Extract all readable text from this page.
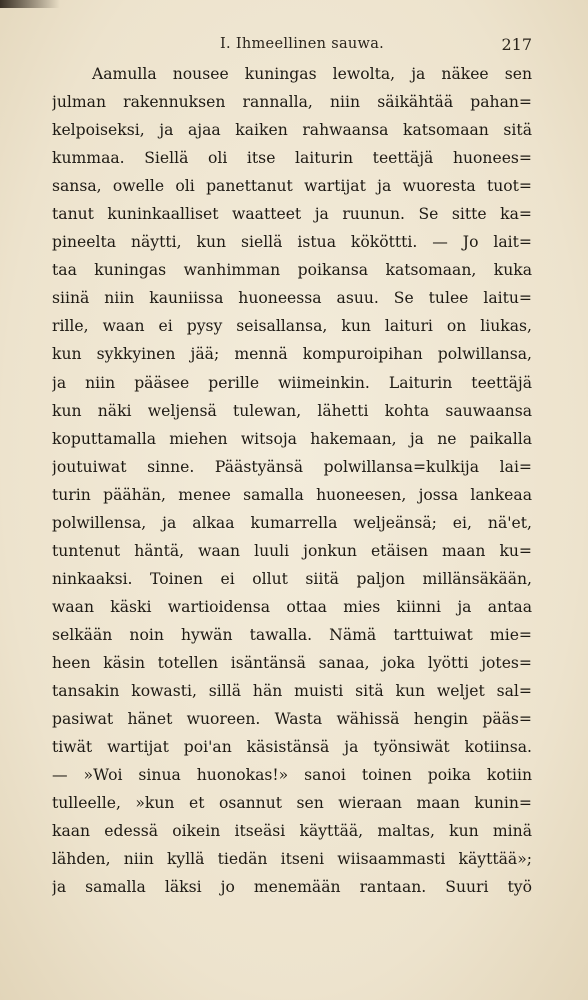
I. Ihmeellinen sauwa.	217
Aamulla nousee kuningas lewolta, ja näkee sen
julman rakennuksen rannalla, niin säikähtää pahan=
kelpoiseksi, ja ajaa kaiken rahwaansa katsomaan sitä
kummaa. Siellä oli itse laiturin teettäjä huonees=
sansa, owelle oli panettanut wartijat ja wuoresta tuot=
tanut kuninkaalliset waatteet ja ruunun. Se sitte ka=
pineelta näytti, kun siellä istua kököttti. — Jo lait=
taa kuningas wanhimman poikansa katsomaan, kuka
siinä niin kauniissa huoneessa asuu. Se tulee laitu=
rille, waan ei pysy seisallansa, kun laituri on liukas,
kun sykkyinen jää; mennä kompuroipihan polwillansa,
ja niin pääsee perille wiimeinkin. Laiturin teettäjä
kun näki weljensä tulewan, lähetti kohta sauwaansa
koputtamalla miehen witsoja hakemaan, ja ne paikalla
joutuiwat sinne. Päästyänsä polwillansa=kulkija lai=
turin päähän, menee samalla huoneesen, jossa lankeaa
polwillensa, ja alkaa kumarrella weljeänsä; ei, nä'et,
tuntenut häntä, waan luuli jonkun etäisen maan ku=
ninkaaksi. Toinen ei ollut siitä paljon millänsäkään,
waan käski wartioidensa ottaa mies kiinni ja antaa
selkään noin hywän tawalla. Nämä tarttuiwat mie=
heen käsin totellen isäntänsä sanaa, joka lyötti jotes=
tansakin kowasti, sillä hän muisti sitä kun weljet sal=
pasiwat hänet wuoreen. Wasta wähissä hengin pääs=
tiwät wartijat poi'an käsistänsä ja työnsiwät kotiinsa.
— »Woi sinua huonokas!» sanoi toinen poika kotiin
tulleelle, »kun et osannut sen wieraan maan kunin=
kaan edessä oikein itseäsi käyttää, maltas, kun minä
lähden, niin kyllä tiedän itseni wiisaammasti käyttää»;
ja samalla läksi jo menemään rantaan. Suuri työ
